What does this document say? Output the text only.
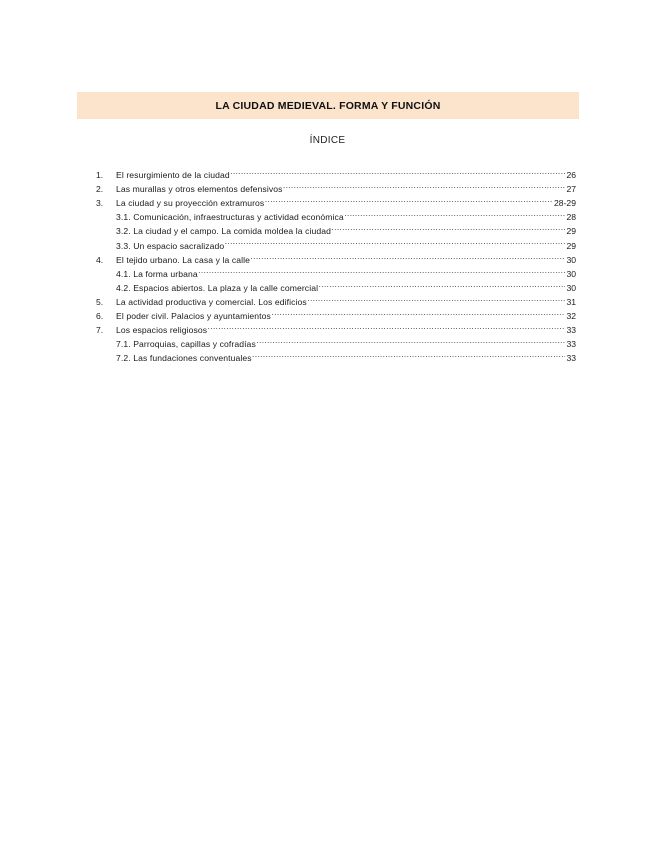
LA CIUDAD MEDIEVAL. FORMA Y FUNCIÓN
ÍNDICE
1.	El resurgimiento de la ciudad ……………………………………………………………………………………………………………………………………………………………………	26
2.	Las murallas y otros elementos defensivos ……………………………………………………………………………………………………………………………………………………………………	27
3.	La ciudad y su proyección extramuros ……………………………………………………………………………………………………………………………………………………………………	28-29
3.1. Comunicación, infraestructuras y actividad económica ……………………………………………………………………………………………………………………………………………………………………	28
3.2. La ciudad y el campo. La comida moldea la ciudad ……………………………………………………………………………………………………………………………………………………………………	29
3.3. Un espacio sacralizado ……………………………………………………………………………………………………………………………………………………………………	29
4.	El tejido urbano. La casa y la calle ……………………………………………………………………………………………………………………………………………………………………	30
4.1. La forma urbana ……………………………………………………………………………………………………………………………………………………………………	30
4.2. Espacios abiertos. La plaza y la calle comercial ……………………………………………………………………………………………………………………………………………………………………	30
5.	La actividad productiva y comercial. Los edificios ……………………………………………………………………………………………………………………………………………………………………	31
6.	El poder civil. Palacios y ayuntamientos ……………………………………………………………………………………………………………………………………………………………………	32
7.	Los espacios religiosos ……………………………………………………………………………………………………………………………………………………………………	33
7.1. Parroquias, capillas y cofradías ……………………………………………………………………………………………………………………………………………………………………	33
7.2. Las fundaciones conventuales ……………………………………………………………………………………………………………………………………………………………………	33
